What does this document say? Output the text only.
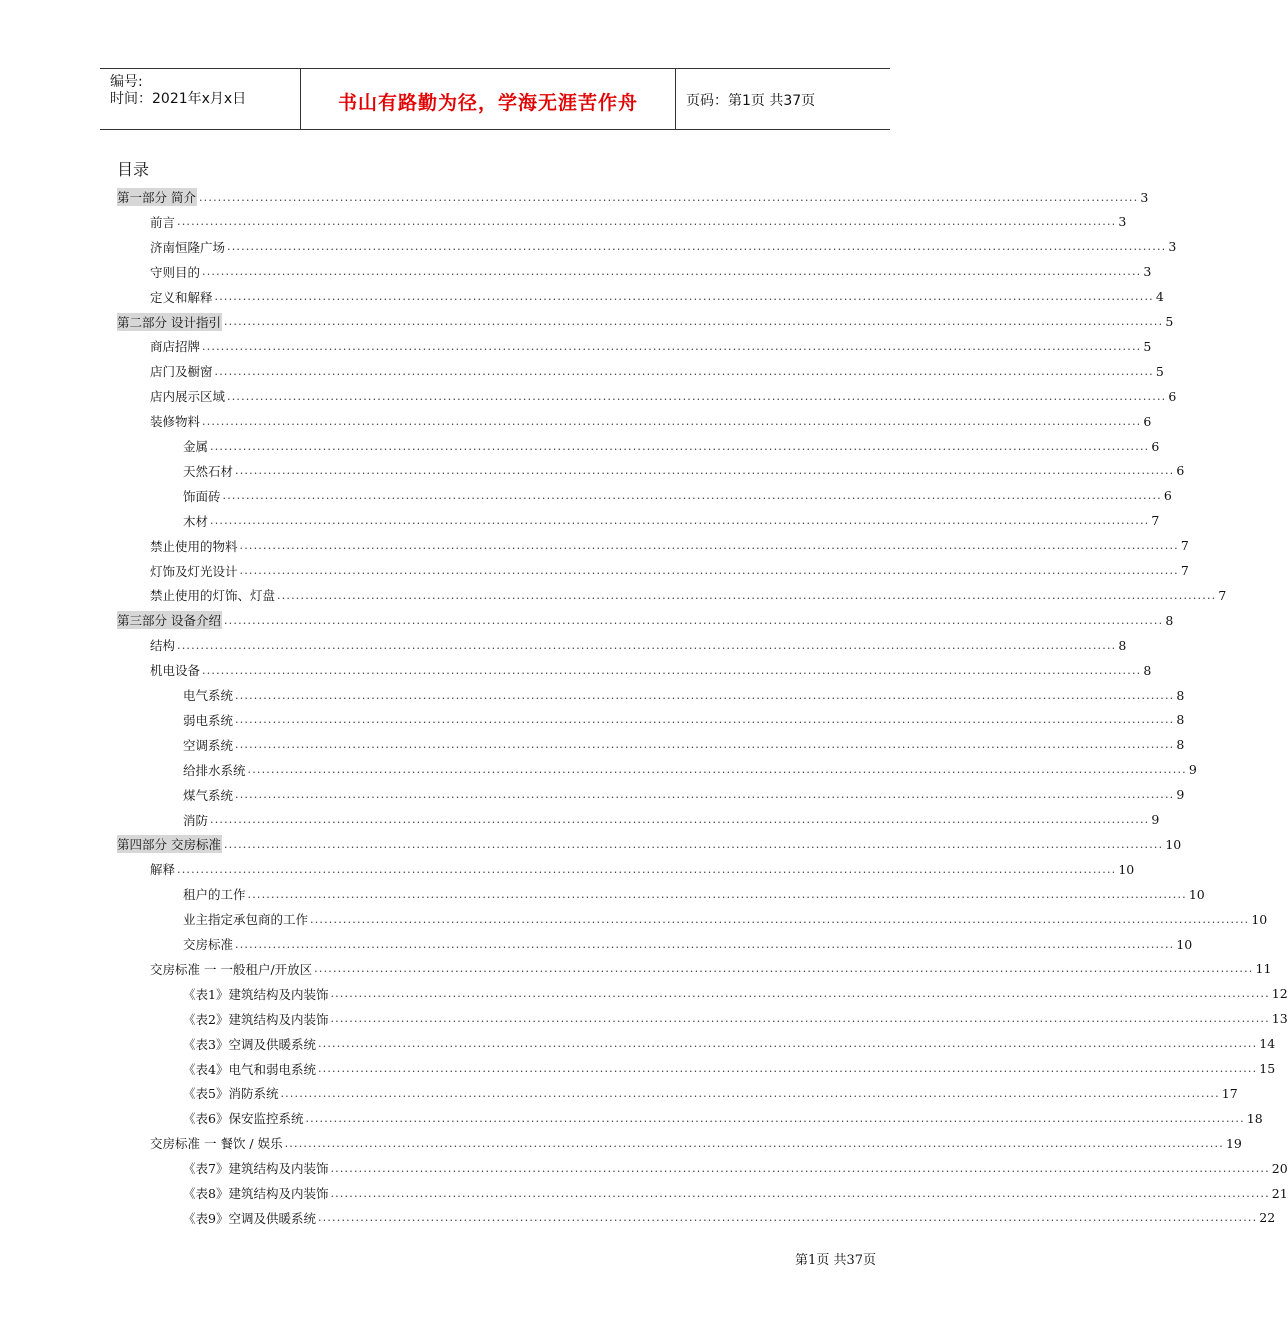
编号:
时间：2021年x月x日	书山有路勤为径，学海无涯苦作舟	页码：第1页 共37页
目录
第一部分 简介 ........................................................................................................................................................................................................ 3
前言 ........................................................................................................................................................................................................ 3
济南恒隆广场 ........................................................................................................................................................................................................ 3
守则目的 ........................................................................................................................................................................................................ 3
定义和解释 ........................................................................................................................................................................................................ 4
第二部分 设计指引 ........................................................................................................................................................................................................ 5
商店招牌 ........................................................................................................................................................................................................ 5
店门及橱窗 ........................................................................................................................................................................................................ 5
店内展示区域 ........................................................................................................................................................................................................ 6
装修物料 ........................................................................................................................................................................................................ 6
金属 ........................................................................................................................................................................................................ 6
天然石材 ........................................................................................................................................................................................................ 6
饰面砖 ........................................................................................................................................................................................................ 6
木材 ........................................................................................................................................................................................................ 7
禁止使用的物料 ........................................................................................................................................................................................................ 7
灯饰及灯光设计 ........................................................................................................................................................................................................ 7
禁止使用的灯饰、灯盘 ........................................................................................................................................................................................................ 7
第三部分 设备介绍 ........................................................................................................................................................................................................ 8
结构 ........................................................................................................................................................................................................ 8
机电设备 ........................................................................................................................................................................................................ 8
电气系统 ........................................................................................................................................................................................................ 8
弱电系统 ........................................................................................................................................................................................................ 8
空调系统 ........................................................................................................................................................................................................ 8
给排水系统 ........................................................................................................................................................................................................ 9
煤气系统 ........................................................................................................................................................................................................ 9
消防 ........................................................................................................................................................................................................ 9
第四部分 交房标准 ........................................................................................................................................................................................................ 10
解释 ........................................................................................................................................................................................................ 10
租户的工作 ........................................................................................................................................................................................................ 10
业主指定承包商的工作 ........................................................................................................................................................................................................ 10
交房标准 ........................................................................................................................................................................................................ 10
交房标准 一 一般租户/开放区 ........................................................................................................................................................................................................ 11
《表1》建筑结构及内装饰 ........................................................................................................................................................................................................ 12
《表2》建筑结构及内装饰 ........................................................................................................................................................................................................ 13
《表3》空调及供暖系统 ........................................................................................................................................................................................................ 14
《表4》电气和弱电系统 ........................................................................................................................................................................................................ 15
《表5》消防系统 ........................................................................................................................................................................................................ 17
《表6》保安监控系统 ........................................................................................................................................................................................................ 18
交房标准 一 餐饮 / 娱乐 ........................................................................................................................................................................................................ 19
《表7》建筑结构及内装饰 ........................................................................................................................................................................................................ 20
《表8》建筑结构及内装饰 ........................................................................................................................................................................................................ 21
《表9》空调及供暖系统 ........................................................................................................................................................................................................ 22
第1页 共37页
